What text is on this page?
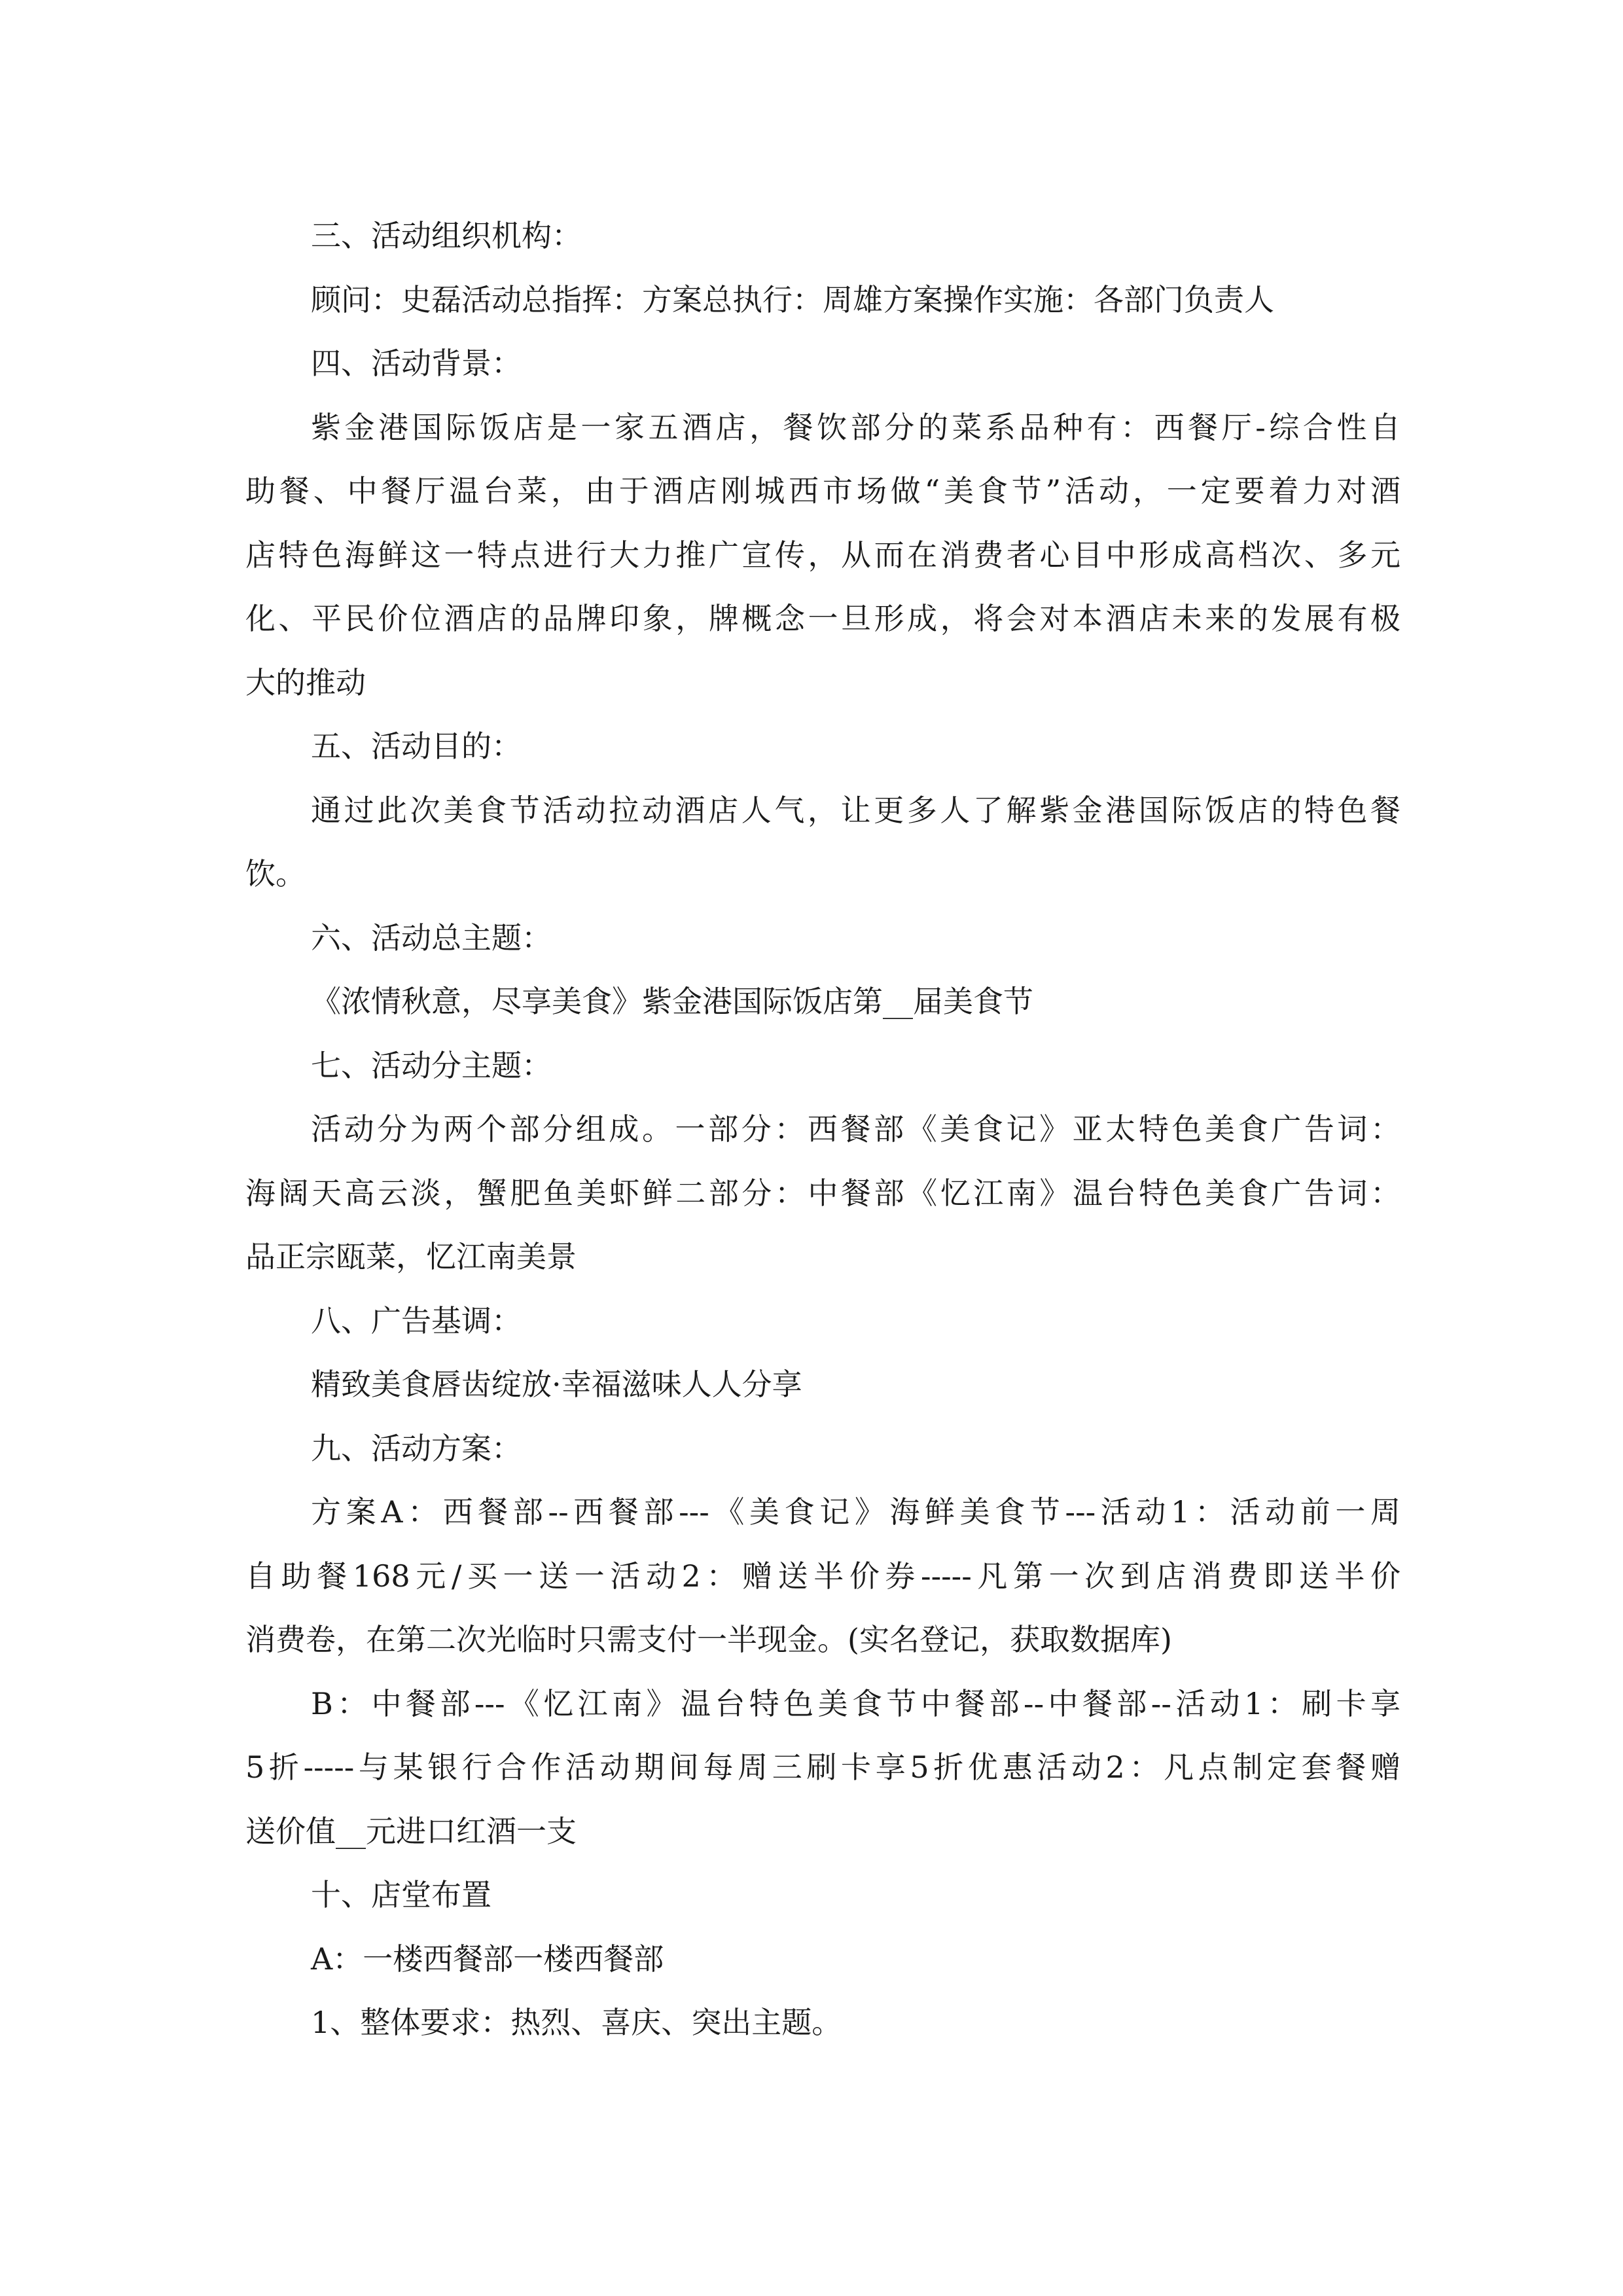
三、活动组织机构：
顾问：史磊活动总指挥：方案总执行：周雄方案操作实施：各部门负责人
四、活动背景：
紫金港国际饭店是一家五酒店，餐饮部分的菜系品种有：西餐厅-综合性自
助餐、中餐厅温台菜，由于酒店刚城西市场做“美食节”活动，一定要着力对酒
店特色海鲜这一特点进行大力推广宣传，从而在消费者心目中形成高档次、多元
化、平民价位酒店的品牌印象，牌概念一旦形成，将会对本酒店未来的发展有极
大的推动
五、活动目的：
通过此次美食节活动拉动酒店人气，让更多人了解紫金港国际饭店的特色餐
饮。
六、活动总主题：
《浓情秋意，尽享美食》紫金港国际饭店第__届美食节
七、活动分主题：
活动分为两个部分组成。一部分：西餐部《美食记》亚太特色美食广告词：
海阔天高云淡，蟹肥鱼美虾鲜二部分：中餐部《忆江南》温台特色美食广告词：
品正宗瓯菜，忆江南美景
八、广告基调：
精致美食唇齿绽放·幸福滋味人人分享
九、活动方案：
方案A：西餐部--西餐部---《美食记》海鲜美食节---活动1：活动前一周
自助餐168元/买一送一活动2：赠送半价券-----凡第一次到店消费即送半价
消费卷，在第二次光临时只需支付一半现金。(实名登记，获取数据库)
B：中餐部---《忆江南》温台特色美食节中餐部--中餐部--活动1：刷卡享
5折-----与某银行合作活动期间每周三刷卡享5折优惠活动2：凡点制定套餐赠
送价值__元进口红酒一支
十、店堂布置
A：一楼西餐部一楼西餐部
1、整体要求：热烈、喜庆、突出主题。
